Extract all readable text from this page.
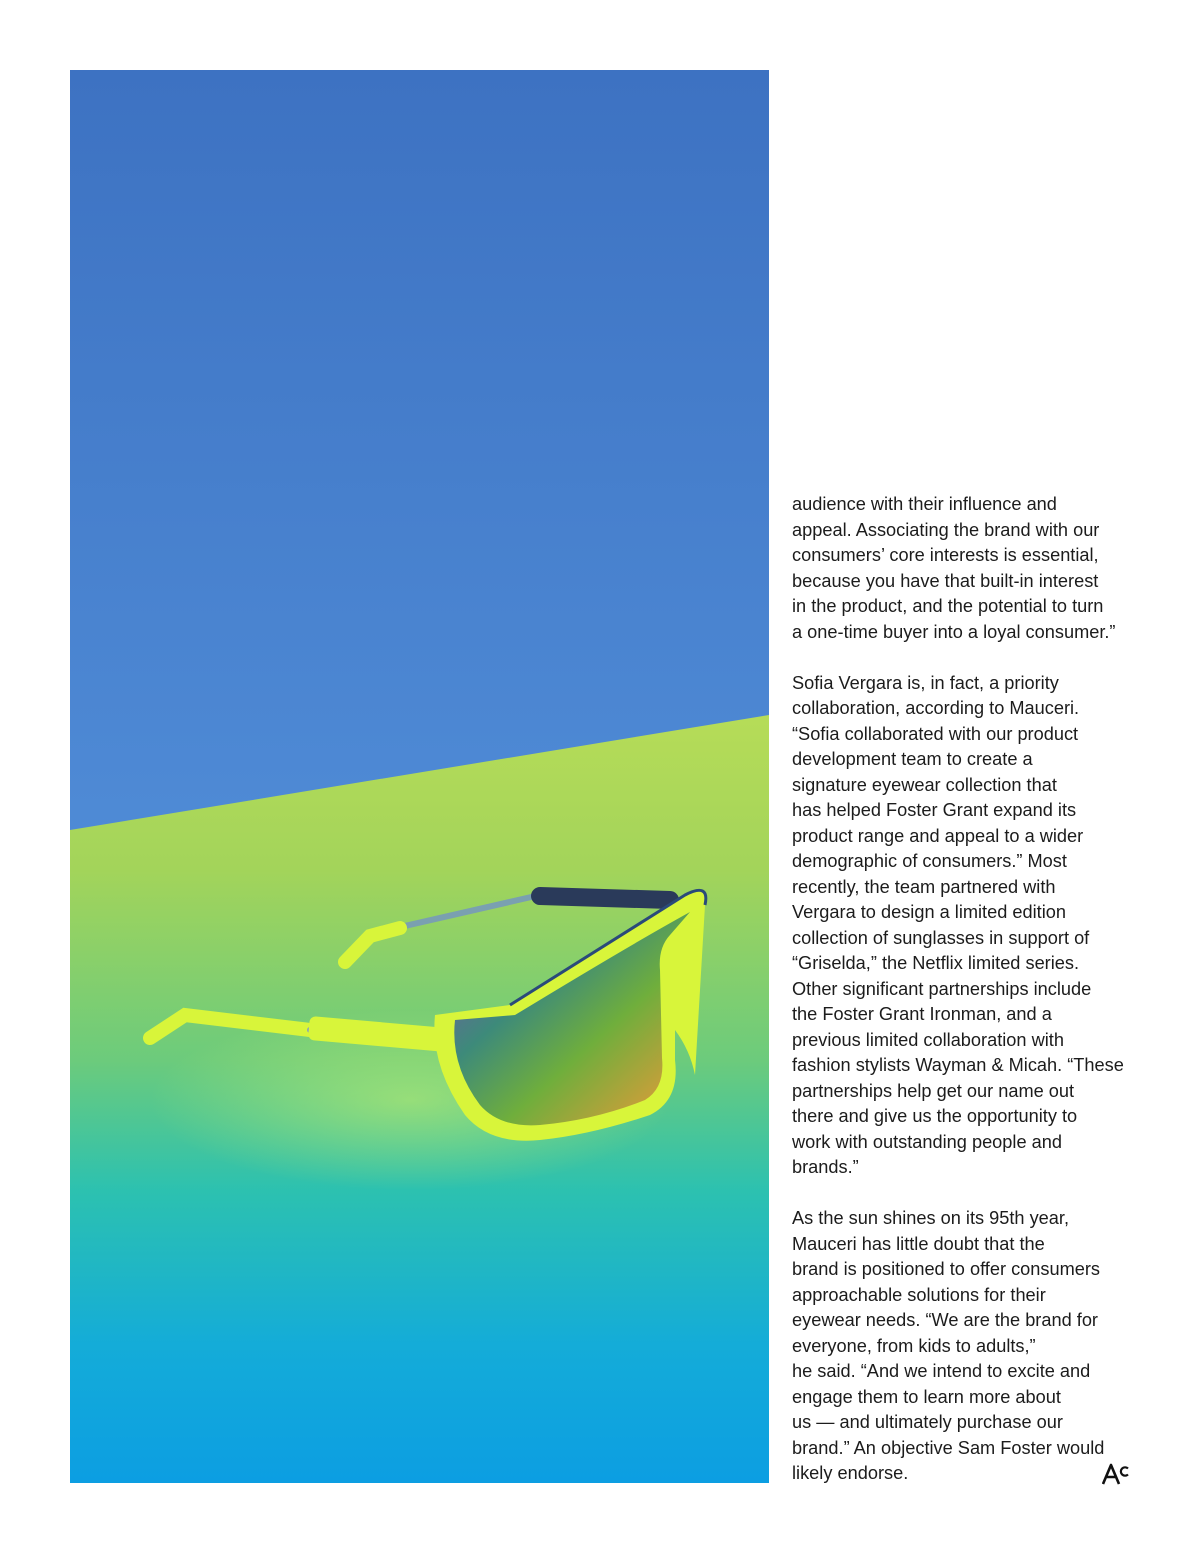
audience with their influence and
appeal. Associating the brand with our
consumers’ core interests is essential,
because you have that built-in interest
in the product, and the potential to turn
a one-time buyer into a loyal consumer.”

Sofia Vergara is, in fact, a priority
collaboration, according to Mauceri.
“Sofia collaborated with our product
development team to create a
signature eyewear collection that
has helped Foster Grant expand its
product range and appeal to a wider
demographic of consumers.” Most
recently, the team partnered with
Vergara to design a limited edition
collection of sunglasses in support of
“Griselda,” the Netflix limited series.
Other significant partnerships include
the Foster Grant Ironman, and a
previous limited collaboration with
fashion stylists Wayman & Micah. “These
partnerships help get our name out
there and give us the opportunity to
work with outstanding people and
brands.”

As the sun shines on its 95th year,
Mauceri has little doubt that the
brand is positioned to offer consumers
approachable solutions for their
eyewear needs. “We are the brand for
everyone, from kids to adults,”
he said. “And we intend to excite and
engage them to learn more about
us — and ultimately purchase our
brand.” An objective Sam Foster would
likely endorse.
